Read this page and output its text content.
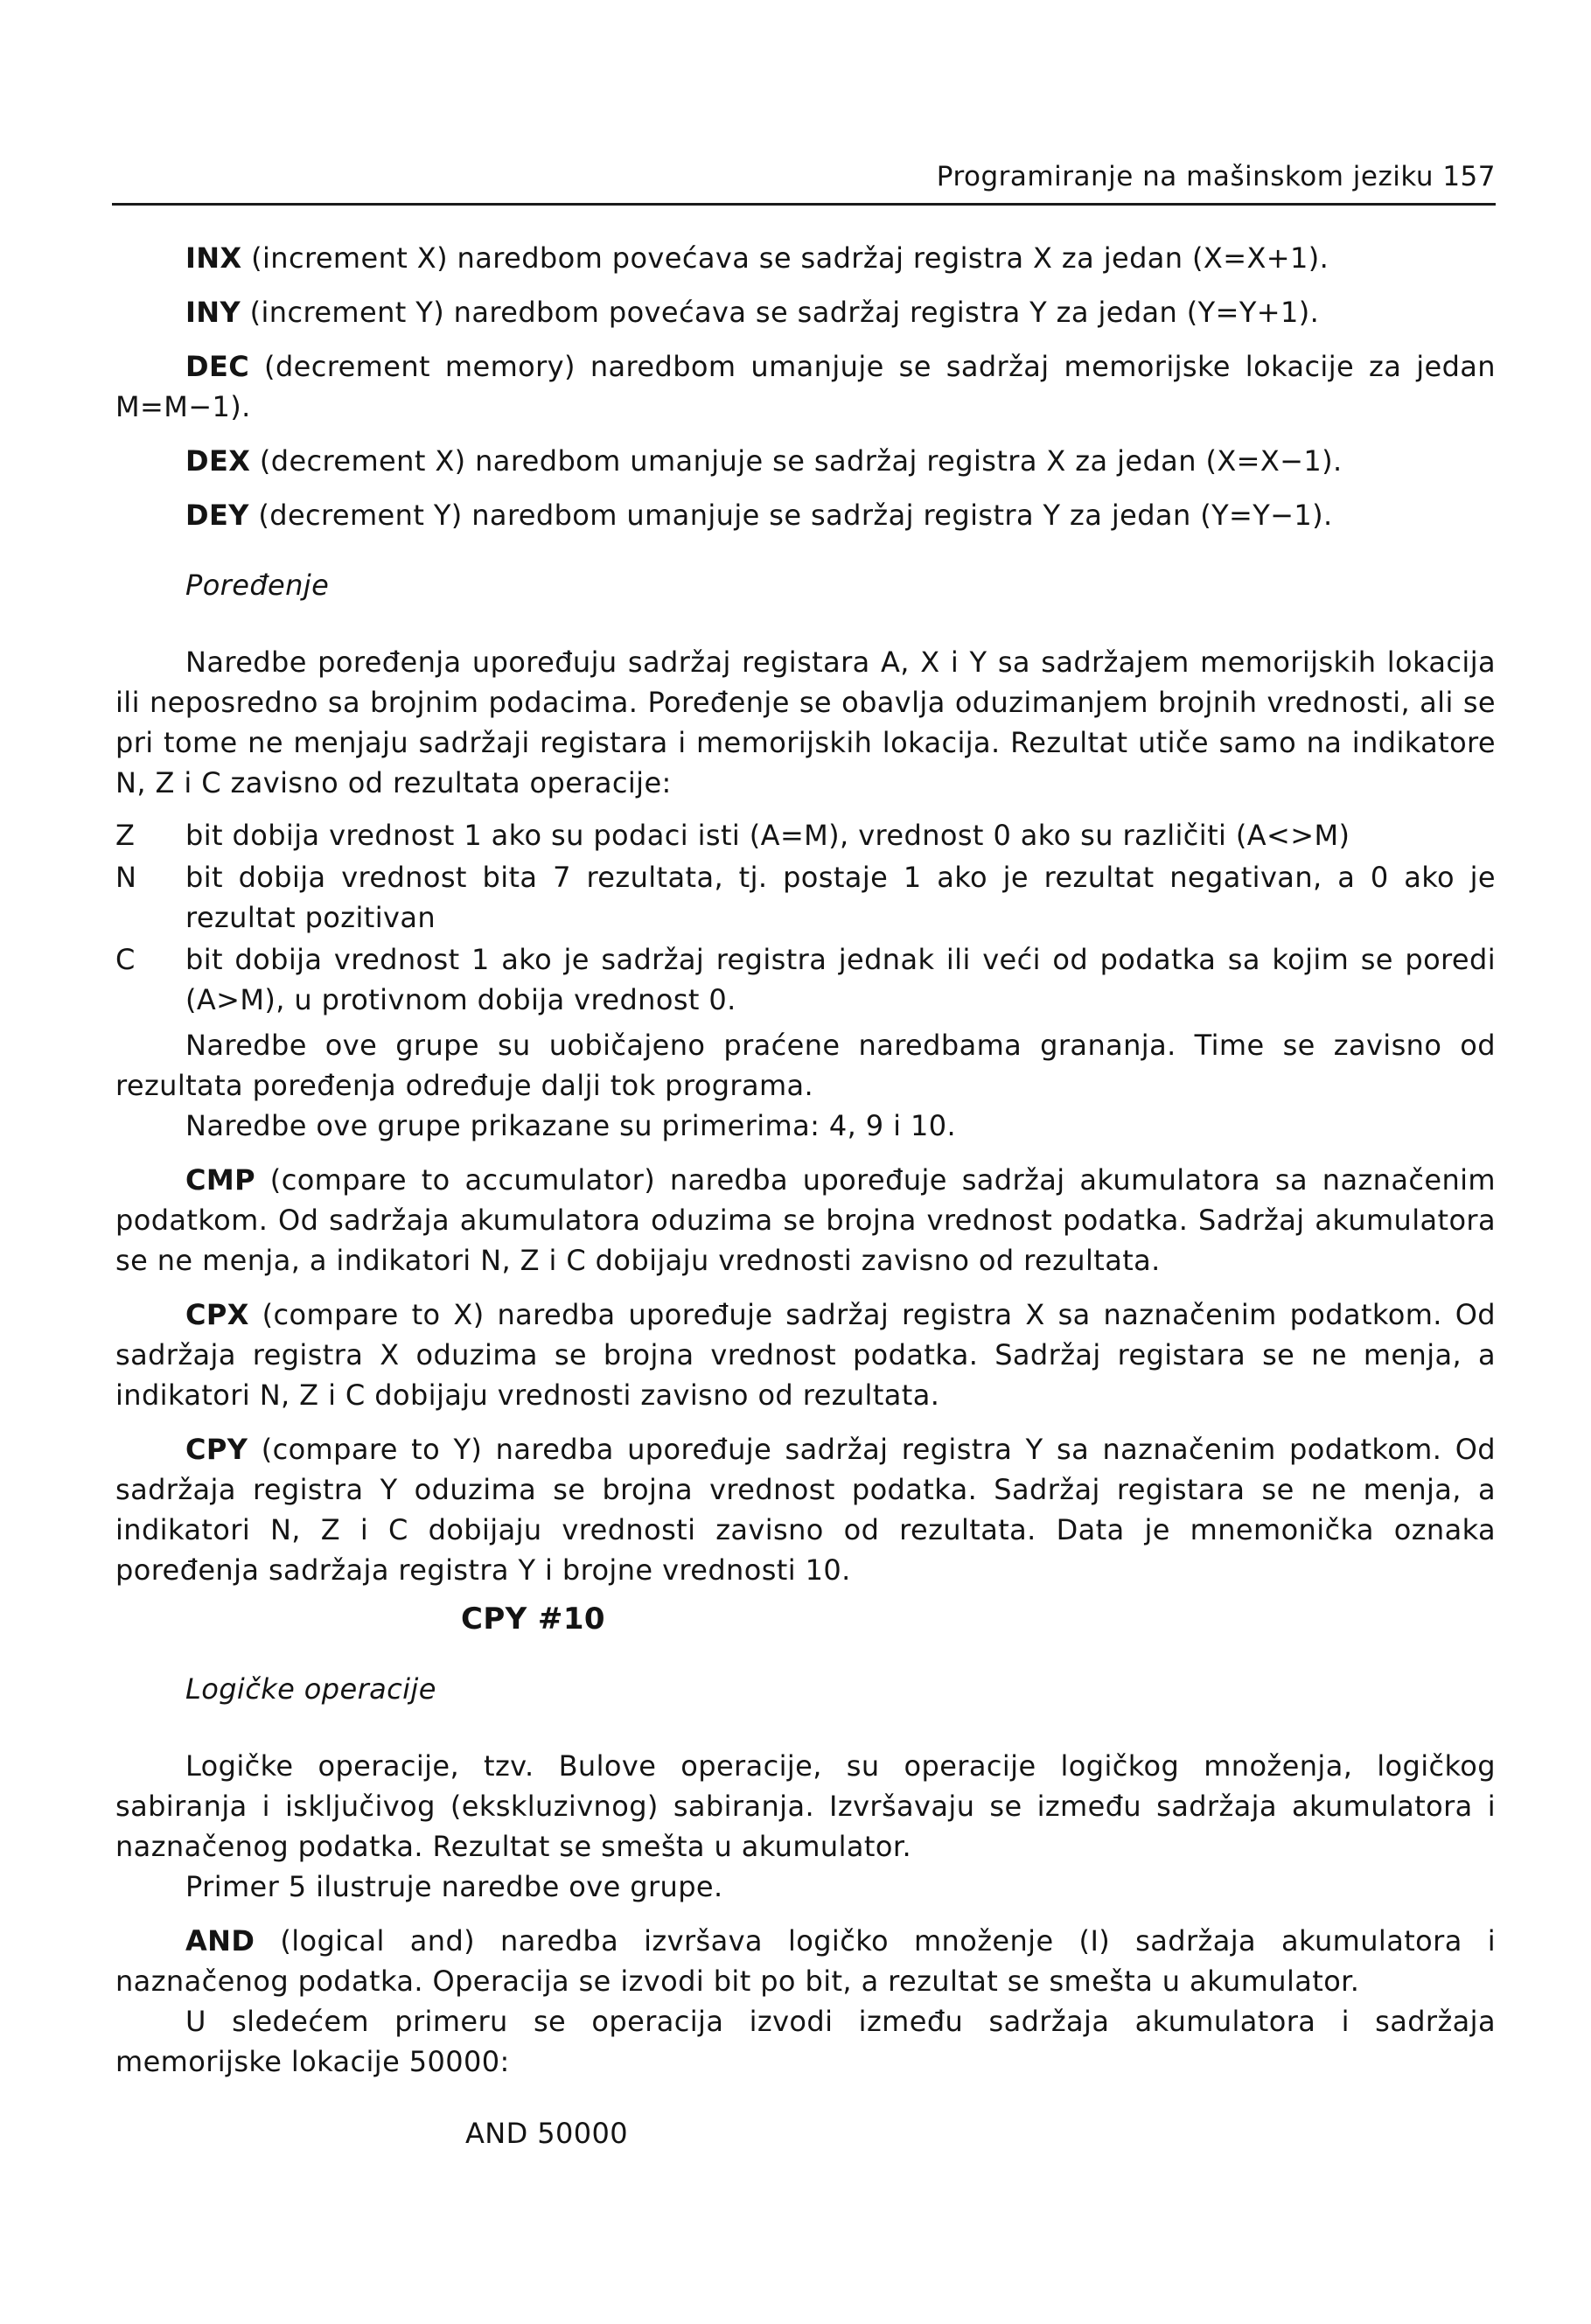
Programiranje na mašinskom jeziku 157

INX (increment X) naredbom povećava se sadržaj registra X za jedan (X=X+1).

INY (increment Y) naredbom povećava se sadržaj registra Y za jedan (Y=Y+1).

DEC (decrement memory) naredbom umanjuje se sadržaj memorijske lokacije za jedan M=M−1).

DEX (decrement X) naredbom umanjuje se sadržaj registra X za jedan (X=X−1).

DEY (decrement Y) naredbom umanjuje se sadržaj registra Y za jedan (Y=Y−1).

Poređenje

Naredbe poređenja upoređuju sadržaj registara A, X i Y sa sadržajem memorijskih lokacija ili neposredno sa brojnim podacima. Poređenje se obavlja oduzimanjem brojnih vrednosti, ali se pri tome ne menjaju sadržaji registara i memorijskih lokacija. Rezultat utiče samo na indikatore N, Z i C zavisno od rezultata operacije:

Z	bit dobija vrednost 1 ako su podaci isti (A=M), vrednost 0 ako su različiti (A<>M)
N	bit dobija vrednost bita 7 rezultata, tj. postaje 1 ako je rezultat negativan, a 0 ako je rezultat pozitivan
C	bit dobija vrednost 1 ako je sadržaj registra jednak ili veći od podatka sa kojim se poredi (A>M), u protivnom dobija vrednost 0.

Naredbe ove grupe su uobičajeno praćene naredbama grananja. Time se zavisno od rezultata poređenja određuje dalji tok programa.

Naredbe ove grupe prikazane su primerima: 4, 9 i 10.

CMP (compare to accumulator) naredba upoređuje sadržaj akumulatora sa naznačenim podatkom. Od sadržaja akumulatora oduzima se brojna vrednost podatka. Sadržaj akumulatora se ne menja, a indikatori N, Z i C dobijaju vrednosti zavisno od rezultata.

CPX (compare to X) naredba upoređuje sadržaj registra X sa naznačenim podatkom. Od sadržaja registra X oduzima se brojna vrednost podatka. Sadržaj registara se ne menja, a indikatori N, Z i C dobijaju vrednosti zavisno od rezultata.

CPY (compare to Y) naredba upoređuje sadržaj registra Y sa naznačenim podatkom. Od sadržaja registra Y oduzima se brojna vrednost podatka. Sadržaj registara se ne menja, a indikatori N, Z i C dobijaju vrednosti zavisno od rezultata. Data je mnemonička oznaka poređenja sadržaja registra Y i brojne vrednosti 10.

CPY #10
Logičke operacije

Logičke operacije, tzv. Bulove operacije, su operacije logičkog množenja, logičkog sabiranja i isključivog (ekskluzivnog) sabiranja. Izvršavaju se između sadržaja akumulatora i naznačenog podatka. Rezultat se smešta u akumulator.

Primer 5 ilustruje naredbe ove grupe.

AND (logical and) naredba izvršava logičko množenje (I) sadržaja akumulatora i naznačenog podatka. Operacija se izvodi bit po bit, a rezultat se smešta u akumulator.

U sledećem primeru se operacija izvodi između sadržaja akumulatora i sadržaja memorijske lokacije 50000:

AND 50000
